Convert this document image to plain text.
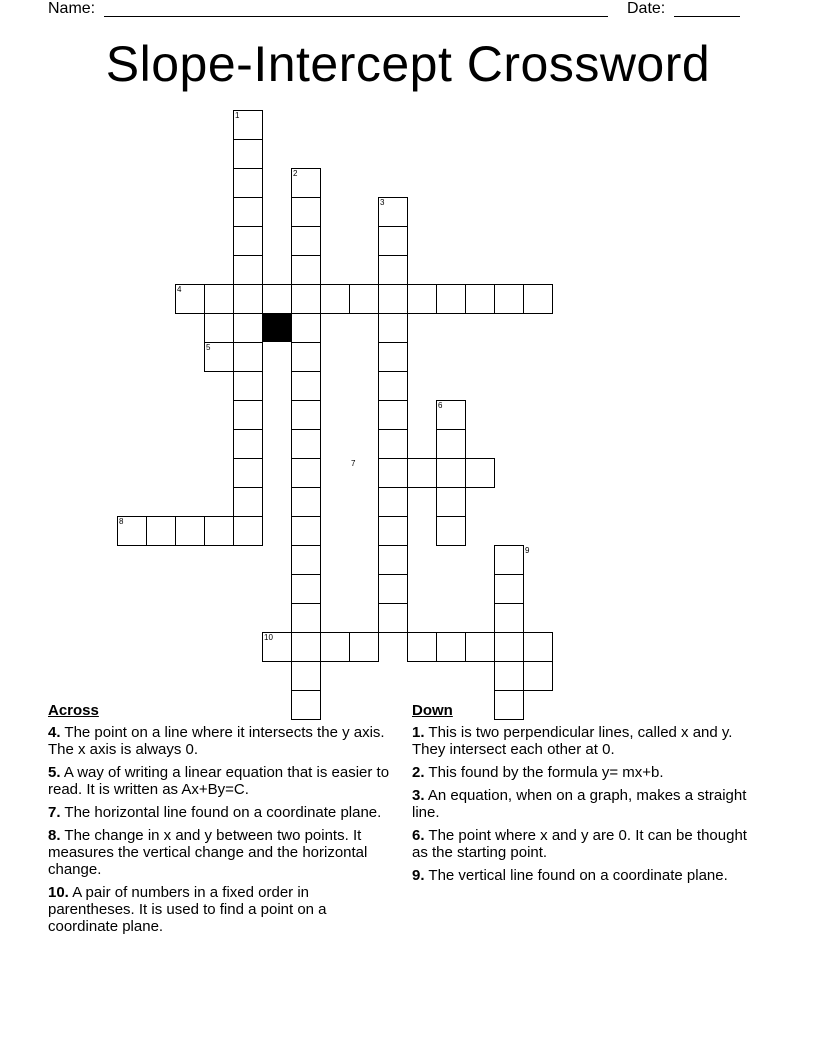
Name:	Date:
Slope-Intercept Crossword
1
2
3
4
5
6
7
8
9
10
Across
4. The point on a line where it intersects the y axis. The x axis is always 0.
5. A way of writing a linear equation that is easier to read. It is written as Ax+By=C.
7. The horizontal line found on a coordinate plane.
8. The change in x and y between two points. It measures the vertical change and the horizontal change.
10. A pair of numbers in a fixed order in parentheses. It is used to find a point on a coordinate plane.
Down
1. This is two perpendicular lines, called x and y. They intersect each other at 0.
2. This found by the formula y= mx+b.
3. An equation, when on a graph, makes a straight line.
6. The point where x and y are 0. It can be thought as the starting point.
9. The vertical line found on a coordinate plane.
